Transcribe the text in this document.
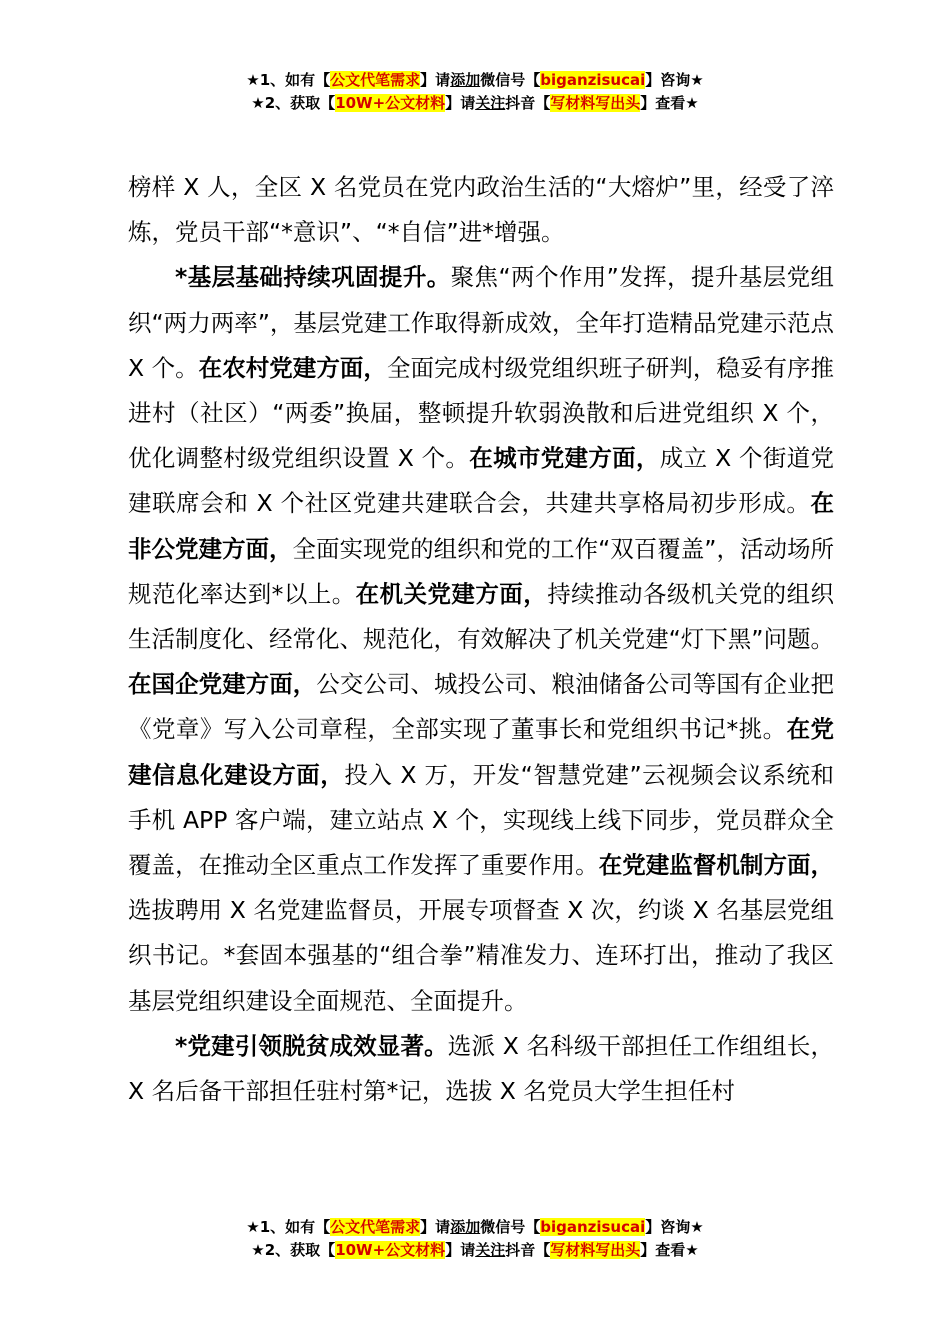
★1、如有【公文代笔需求】请添加微信号【biganzisucai】咨询★
★2、获取【10W+公文材料】请关注抖音【写材料写出头】查看★

榜样 X 人，全区 X 名党员在党内政治生活的“大熔炉”里，经受了淬炼，党员干部“*意识”、“*自信”进*增强。

*基层基础持续巩固提升。聚焦“两个作用”发挥，提升基层党组织“两力两率”，基层党建工作取得新成效，全年打造精品党建示范点 X 个。在农村党建方面，全面完成村级党组织班子研判，稳妥有序推进村（社区）“两委”换届，整顿提升软弱涣散和后进党组织 X 个，优化调整村级党组织设置 X 个。在城市党建方面，成立 X 个街道党建联席会和 X 个社区党建共建联合会，共建共享格局初步形成。在非公党建方面，全面实现党的组织和党的工作“双百覆盖”，活动场所规范化率达到*以上。在机关党建方面，持续推动各级机关党的组织生活制度化、经常化、规范化，有效解决了机关党建“灯下黑”问题。在国企党建方面，公交公司、城投公司、粮油储备公司等国有企业把《党章》写入公司章程，全部实现了董事长和党组织书记*挑。在党建信息化建设方面，投入 X 万，开发“智慧党建”云视频会议系统和手机 APP 客户端，建立站点 X 个，实现线上线下同步，党员群众全覆盖，在推动全区重点工作发挥了重要作用。在党建监督机制方面，选拔聘用 X 名党建监督员，开展专项督查 X 次，约谈 X 名基层党组织书记。*套固本强基的“组合拳”精准发力、连环打出，推动了我区基层党组织建设全面规范、全面提升。

*党建引领脱贫成效显著。选派 X 名科级干部担任工作组组长，X 名后备干部担任驻村第*记，选拔 X 名党员大学生担任村

★1、如有【公文代笔需求】请添加微信号【biganzisucai】咨询★
★2、获取【10W+公文材料】请关注抖音【写材料写出头】查看★
